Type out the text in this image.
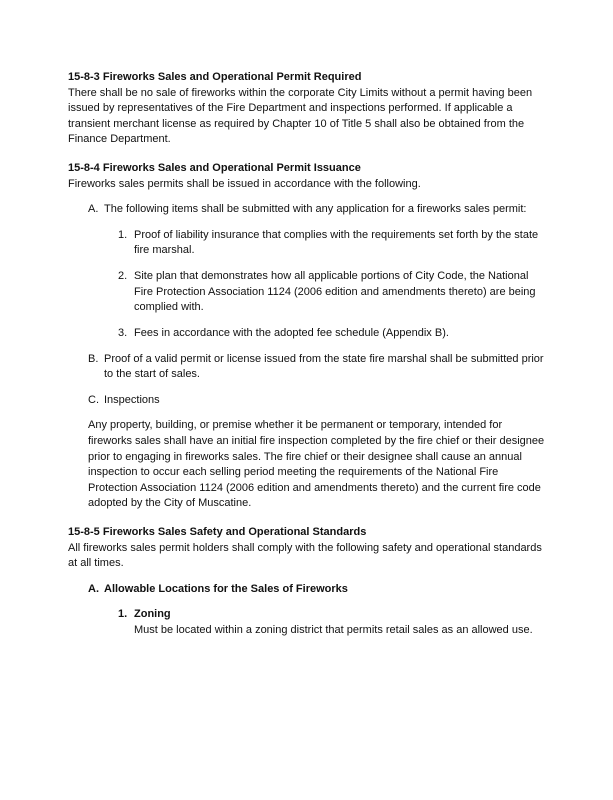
15-8-3 Fireworks Sales and Operational Permit Required

There shall be no sale of fireworks within the corporate City Limits without a permit having been issued by representatives of the Fire Department and inspections performed. If applicable a transient merchant license as required by Chapter 10 of Title 5 shall also be obtained from the Finance Department.

15-8-4 Fireworks Sales and Operational Permit Issuance

Fireworks sales permits shall be issued in accordance with the following.

A. The following items shall be submitted with any application for a fireworks sales permit:
1. Proof of liability insurance that complies with the requirements set forth by the state fire marshal.
2. Site plan that demonstrates how all applicable portions of City Code, the National Fire Protection Association 1124 (2006 edition and amendments thereto) are being complied with.
3. Fees in accordance with the adopted fee schedule (Appendix B).
B. Proof of a valid permit or license issued from the state fire marshal shall be submitted prior to the start of sales.
C. Inspections

Any property, building, or premise whether it be permanent or temporary, intended for fireworks sales shall have an initial fire inspection completed by the fire chief or their designee prior to engaging in fireworks sales. The fire chief or their designee shall cause an annual inspection to occur each selling period meeting the requirements of the National Fire Protection Association 1124 (2006 edition and amendments thereto) and the current fire code adopted by the City of Muscatine.

15-8-5 Fireworks Sales Safety and Operational Standards

All fireworks sales permit holders shall comply with the following safety and operational standards at all times.

A. Allowable Locations for the Sales of Fireworks
1. Zoning
Must be located within a zoning district that permits retail sales as an allowed use.
